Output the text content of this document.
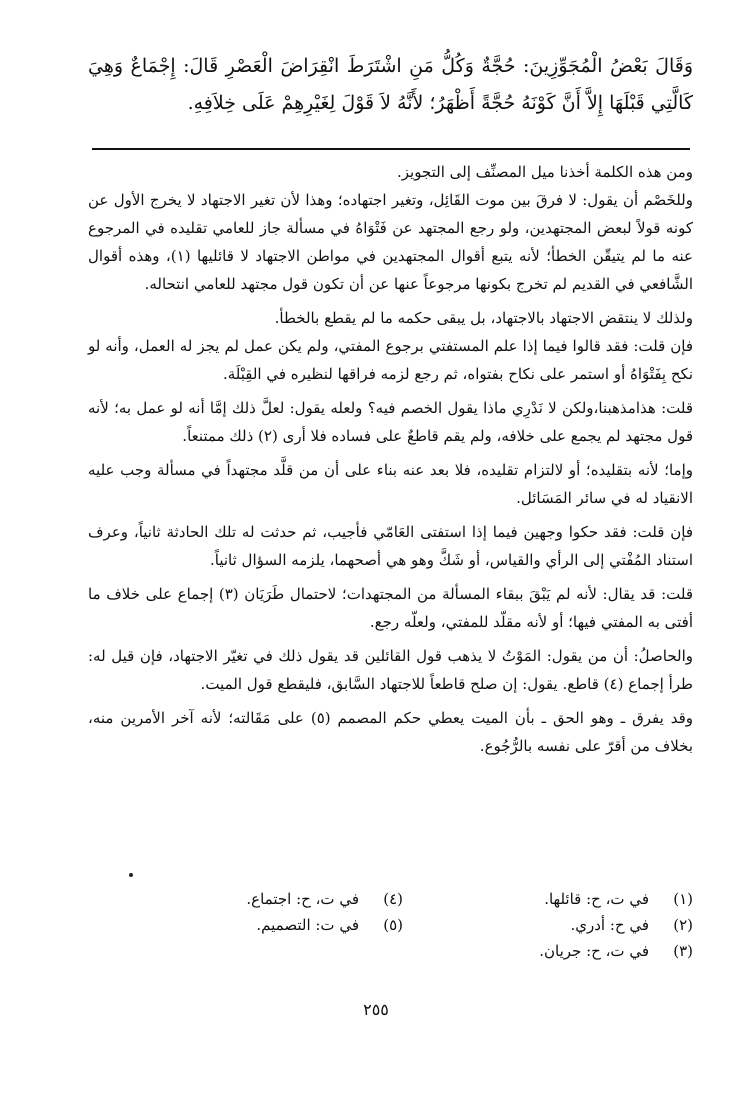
وَقَالَ بَعْضُ الْمُجَوِّزِينَ: حُجَّةٌ وَكُلُّ مَنِ اشْتَرَطَ انْقِرَاضَ الْعَصْرِ قَالَ: إِجْمَاعٌ وَهِيَ كَالَّتِي قَبْلَهَا إِلاَّ أَنَّ كَوْنَهُ حُجَّةً أَظْهَرُ؛ لأَنَّهُ لاَ قَوْلَ لِغَيْرِهِمْ عَلَى خِلاَفِهِ.

ومن هذه الكلمة أخذنا ميل المصنِّف إلى التجويز.

وللخَصْم أن يقول: لا فرقَ بين موت القَائِل، وتغير اجتهاده؛ وهذا لأن تغير الاجتهاد لا يخرج الأول عن كونه قولاً لبعض المجتهدين، ولو رجع المجتهد عن فَتْوَاهُ في مسألة جاز للعامي تقليده في المرجوع عنه ما لم يتيقّن الخطأ؛ لأنه يتبع أقوال المجتهدين في مواطن الاجتهاد لا قائليها (١)، وهذه أقوال الشَّافعي في القديم لم تخرج بكونها مرجوعاً عنها عن أن تكون قول مجتهد للعامي انتحاله.

ولذلك لا ينتقض الاجتهاد بالاجتهاد، بل يبقى حكمه ما لم يقطع بالخطأ.

فإن قلت: فقد قالوا فيما إذا علم المستفتي برجوع المفتي، ولم يكن عمل لم يجز له العمل، وأنه لو نكح بِفَتْوَاهُ أو استمر على نكاح بفتواه، ثم رجع لزمه فراقها لنظيره في القِبْلَة.

قلت: هذامذهبنا،ولكن لا نَدْرِي ماذا يقول الخصم فيه؟ ولعله يقول: لعلَّ ذلك إمَّا أنه لو عمل به؛ لأنه قول مجتهد لم يجمع على خلافه، ولم يقم قاطعٌ على فساده فلا أرى (٢) ذلك ممتنعاً.

وإما؛ لأنه بتقليده؛ أو لالتزام تقليده، فلا بعد عنه بناء على أن من قلَّد مجتهداً في مسألة وجب عليه الانقياد له في سائر المَسَائل.

فإن قلت: فقد حكوا وجهين فيما إذا استفتى العَامّي فأجيب، ثم حدثت له تلك الحادثة ثانياً، وعرف استناد المُفْتي إلى الرأي والقياس، أو شَكَّ وهو هي أصحهما، يلزمه السؤال ثانياً.

قلت: قد يقال: لأنه لم يَبْقَ ببقاء المسألة من المجتهدات؛ لاحتمال طَرَيَان (٣) إجماع على خلاف ما أفتى به المفتي فيها؛ أو لأنه مقلّد للمفتي، ولعلّه رجع.

والحاصلُ: أن من يقول: المَوْتُ لا يذهب قول القائلين قد يقول ذلك في تغيّر الاجتهاد، فإن قيل له: طرأ إجماع (٤) قاطع. يقول: إن صلح قاطعاً للاجتهاد السَّابق، فليقطع قول الميت.

وقد يفرق ـ وهو الحق ـ بأن الميت يعطي حكم المصمم (٥) على مَقَالته؛ لأنه آخر الأمرين منه، بخلاف من أقرّ على نفسه بالرُّجُوع.

(١)
في ت، ح: قائلها.
(٢)
في ح: أدري.
(٣)
في ت، ح: جريان.
(٤)
في ت، ح: اجتماع.
(٥)
في ت: التصميم.
٢٥٥
